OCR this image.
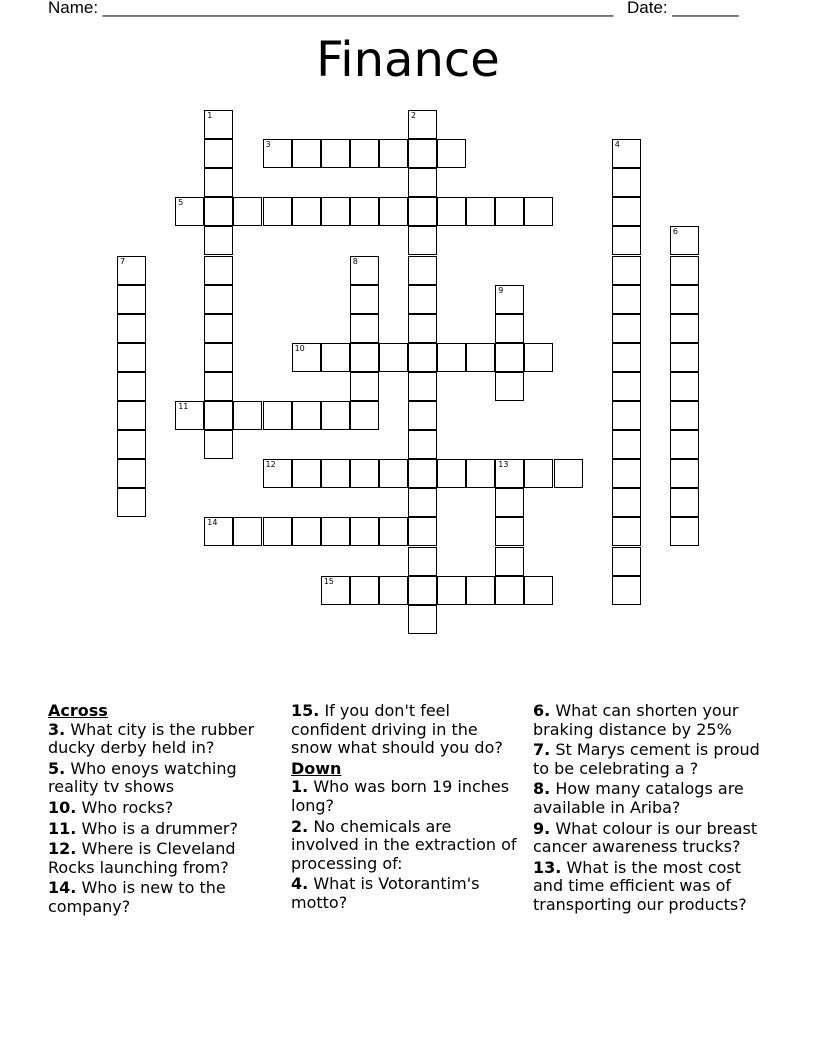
Name: ______________________________________________________ Date: _______
Finance
1	2
3	4
5
6
7	8
9
10
11
12	13
14
15
Across
3. What city is the rubber ducky derby held in?
5. Who enoys watching reality tv shows
10. Who rocks?
11. Who is a drummer?
12. Where is Cleveland Rocks launching from?
14. Who is new to the company?
15. If you don't feel confident driving in the snow what should you do?
Down
1. Who was born 19 inches long?
2. No chemicals are involved in the extraction of processing of:
4. What is Votorantim's motto?
6. What can shorten your braking distance by 25%
7. St Marys cement is proud to be celebrating a ?
8. How many catalogs are available in Ariba?
9. What colour is our breast cancer awareness trucks?
13. What is the most cost and time efficient was of transporting our products?
